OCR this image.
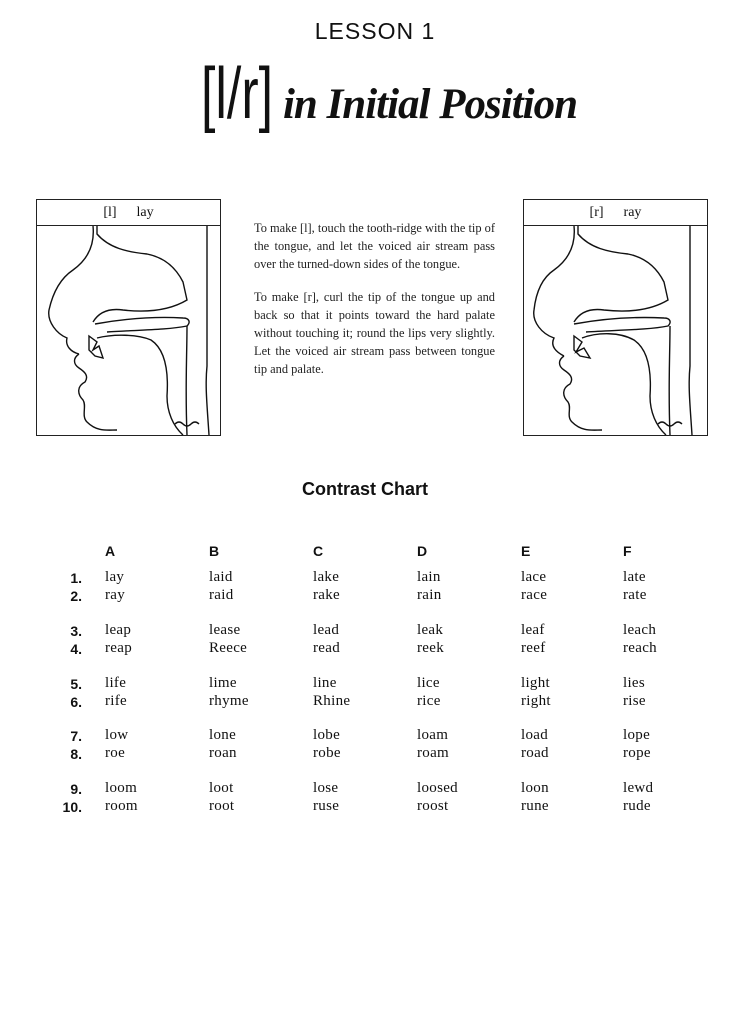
LESSON 1
[l/r] in Initial Position
[l] lay

To make [l], touch the tooth-ridge with the tip of the tongue, and let the voiced air stream pass over the turned-down sides of the tongue.

To make [r], curl the tip of the tongue up and back so that it points toward the hard palate without touching it; round the lips very slightly. Let the voiced air stream pass between tongue tip and palate.

[r] ray
Contrast Chart
A	B	C	D	E	F
1. lay	laid	lake	lain	lace	late
2. ray	raid	rake	rain	race	rate
3. leap	lease	lead	leak	leaf	leach
4. reap	Reece	read	reek	reef	reach
5. life	lime	line	lice	light	lies
6. rife	rhyme	Rhine	rice	right	rise
7. low	lone	lobe	loam	load	lope
8. roe	roan	robe	roam	road	rope
9. loom	loot	lose	loosed	loon	lewd
10. room	root	ruse	roost	rune	rude
